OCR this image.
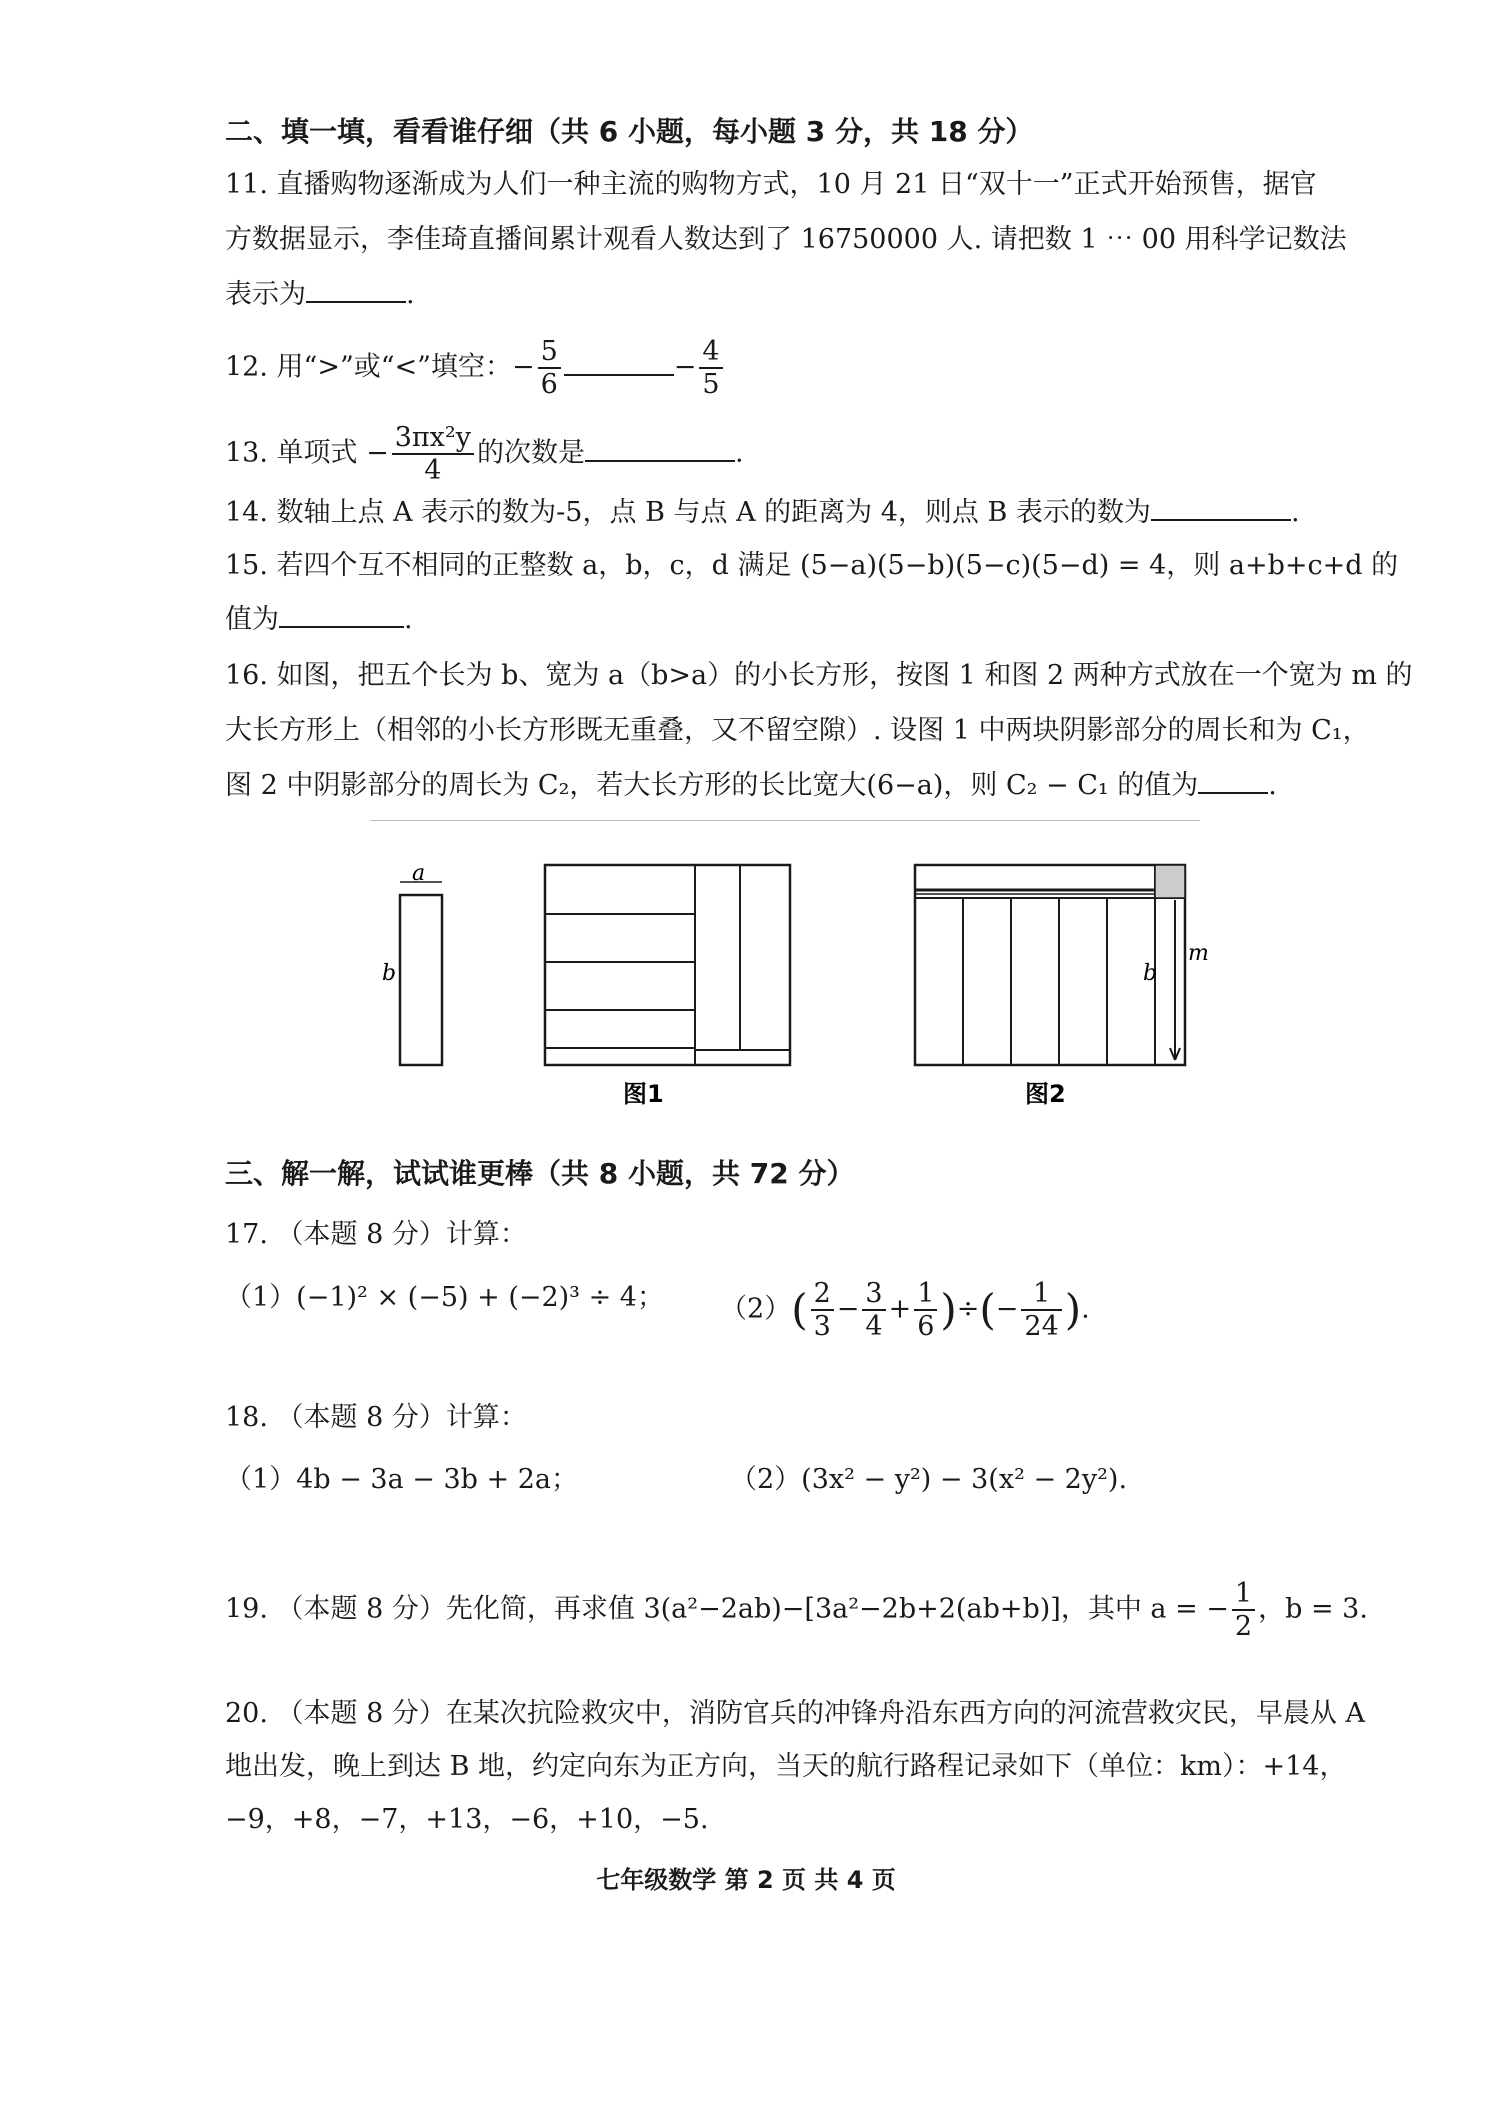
二、填一填，看看谁仔细（共 6 小题，每小题 3 分，共 18 分）
11. 直播购物逐渐成为人们一种主流的购物方式，10 月 21 日“双十一”正式开始预售，据官
方数据显示，李佳琦直播间累计观看人数达到了 16750000 人. 请把数 1 ⋯ 00 用科学记数法
表示为	.
12. 用“>”或“<”填空：− $\frac{5}{6}$	− $\frac{4}{5}$
13. 单项式 − $\frac{\text{3πx²y}}{4}$ 的次数是	.
14. 数轴上点 A 表示的数为-5，点 B 与点 A 的距离为 4，则点 B 表示的数为	.
15. 若四个互不相同的正整数 a，b，c，d 满足 (5−a)(5−b)(5−c)(5−d) = 4，则 a+b+c+d 的
值为	.
16. 如图，把五个长为 b、宽为 a（b>a）的小长方形，按图 1 和图 2 两种方式放在一个宽为 m 的
大长方形上（相邻的小长方形既无重叠，又不留空隙）. 设图 1 中两块阴影部分的周长和为 C₁，
图 2 中阴影部分的周长为 C₂，若大长方形的长比宽大(6−a)，则 C₂ − C₁ 的值为	.
a
b
图1
b
m
图2
三、解一解，试试谁更棒（共 8 小题，共 72 分）
17. （本题 8 分）计算：
（1）(−1)² × (−5) + (−2)³ ÷ 4； $(2)( \frac{2}{3} - \frac{3}{4} + \frac{1}{6}$ )÷(− $\frac{1}{24}$ ).
18. （本题 8 分）计算：
（1）4b − 3a − 3b + 2a；	（2）(3x² − y²) − 3(x² − 2y²).
19. （本题 8 分）先化简，再求值 3(a²−2ab)−[3a²−2b+2(ab+b)]，其中 a = − $\frac{1}{2}$ ，b = 3.
20. （本题 8 分）在某次抗险救灾中，消防官兵的冲锋舟沿东西方向的河流营救灾民，早晨从 A
地出发，晚上到达 B 地，约定向东为正方向，当天的航行路程记录如下（单位：km）：+14，
−9，+8，−7，+13，−6，+10，−5.
七年级数学 第 2 页 共 4 页
